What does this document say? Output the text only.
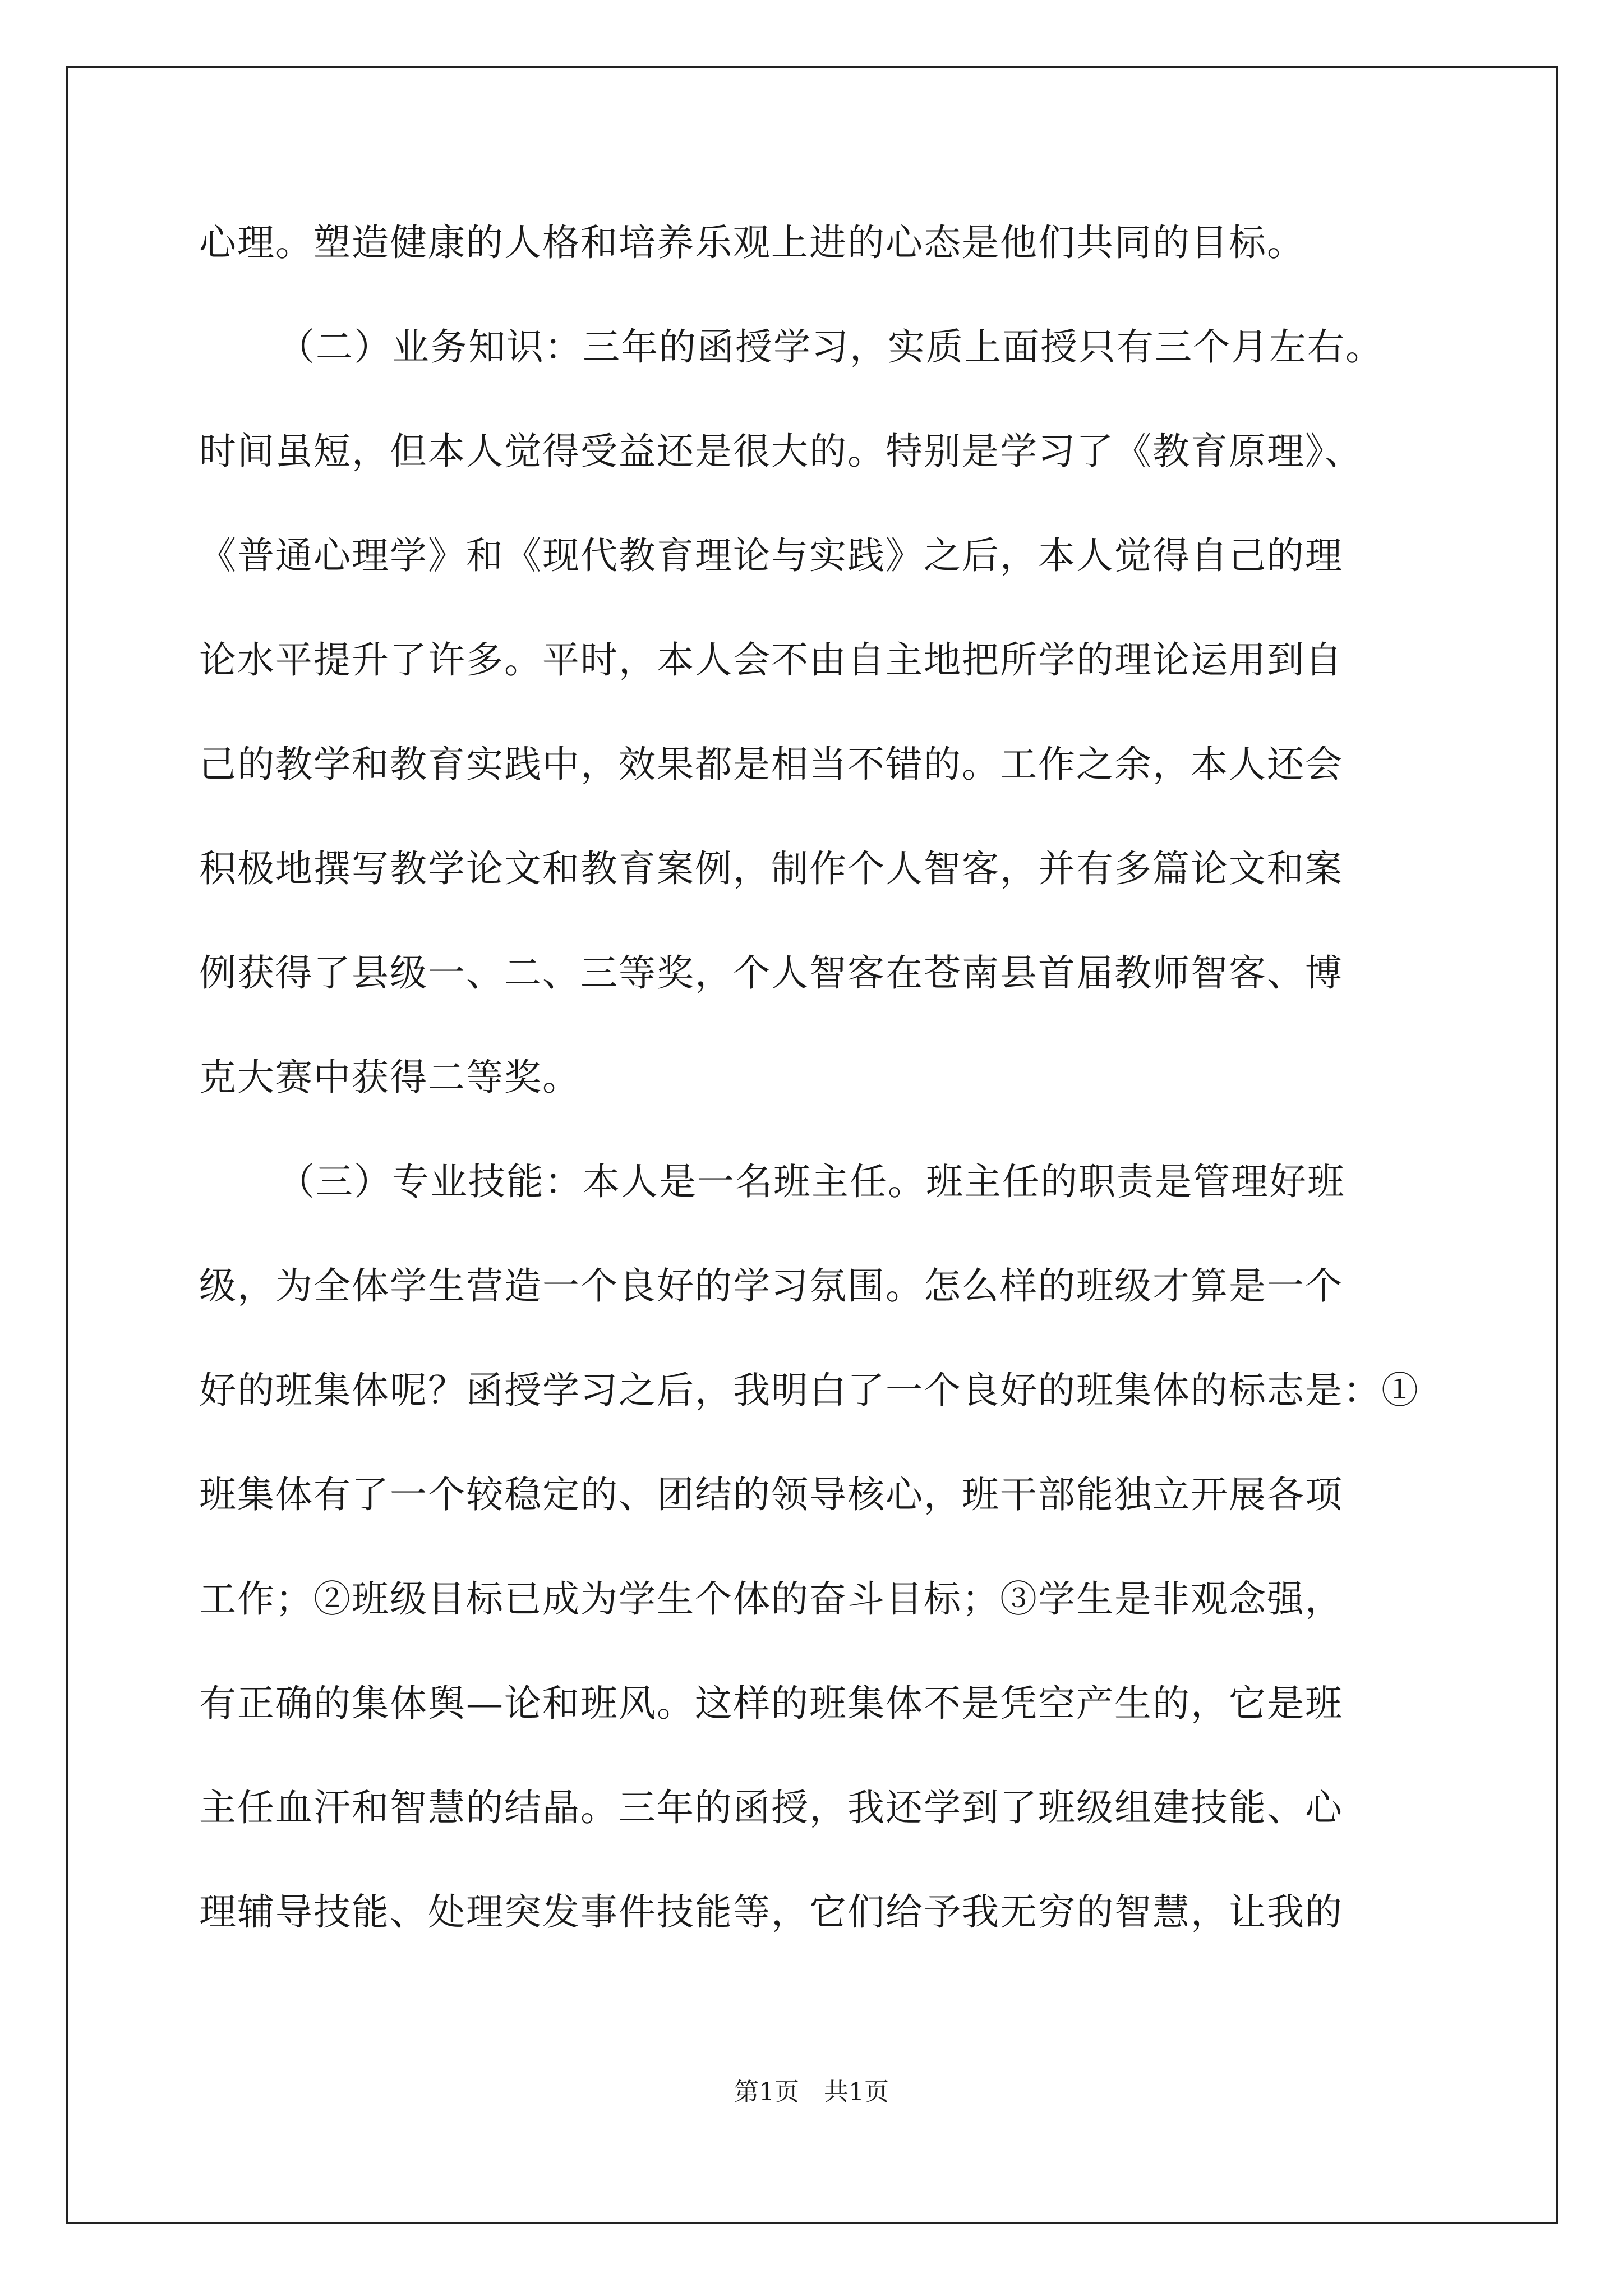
心理。塑造健康的人格和培养乐观上进的心态是他们共同的目标。
（二）业务知识：三年的函授学习，实质上面授只有三个月左右。
时间虽短，但本人觉得受益还是很大的。特别是学习了《教育原理》、
《普通心理学》和《现代教育理论与实践》之后，本人觉得自己的理
论水平提升了许多。平时，本人会不由自主地把所学的理论运用到自
己的教学和教育实践中，效果都是相当不错的。工作之余，本人还会
积极地撰写教学论文和教育案例，制作个人智客，并有多篇论文和案
例获得了县级一、二、三等奖，个人智客在苍南县首届教师智客、博
克大赛中获得二等奖。
（三）专业技能：本人是一名班主任。班主任的职责是管理好班
级，为全体学生营造一个良好的学习氛围。怎么样的班级才算是一个
好的班集体呢？函授学习之后，我明白了一个良好的班集体的标志是：①
班集体有了一个较稳定的、团结的领导核心，班干部能独立开展各项
工作；②班级目标已成为学生个体的奋斗目标；③学生是非观念强，
有正确的集体舆—论和班风。这样的班集体不是凭空产生的，它是班
主任血汗和智慧的结晶。三年的函授，我还学到了班级组建技能、心
理辅导技能、处理突发事件技能等，它们给予我无穷的智慧，让我的
第1页　共1页
